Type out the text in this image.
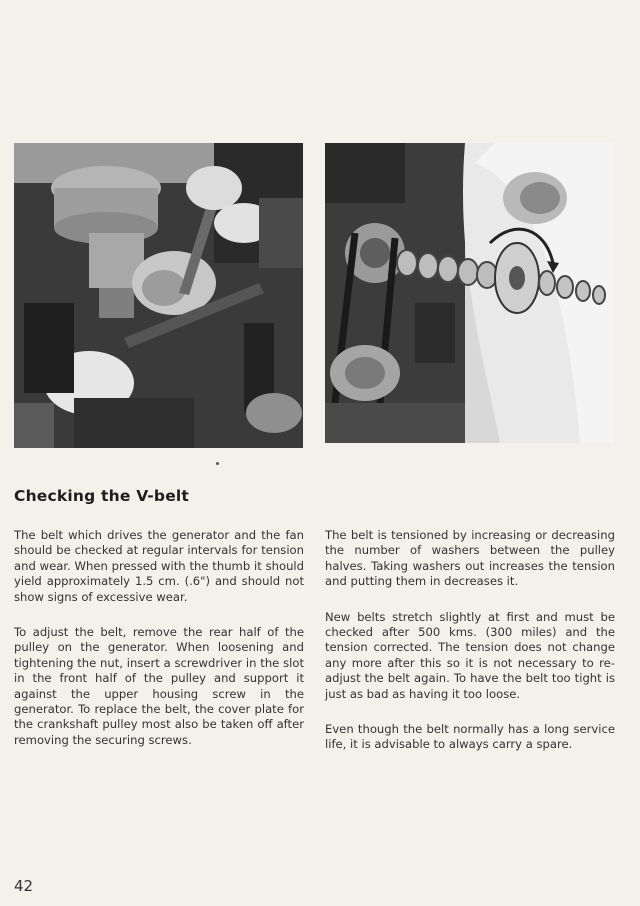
Checking the V-belt

The belt which drives the generator and the fan should be checked at regular intervals for tension and wear. When pressed with the thumb it should yield approximately 1.5 cm. (.6") and should not show signs of excessive wear.

To adjust the belt, remove the rear half of the pulley on the generator. When loosening and tightening the nut, insert a screwdriver in the slot in the front half of the pulley and support it against the upper housing screw in the generator. To replace the belt, the cover plate for the crankshaft pulley most also be taken off after removing the securing screws.

The belt is tensioned by increasing or decreasing the number of washers between the pulley halves. Taking washers out increases the tension and putting them in decreases it.

New belts stretch slightly at first and must be checked after 500 kms. (300 miles) and the tension corrected. The tension does not change any more after this so it is not necessary to re-adjust the belt again. To have the belt too tight is just as bad as having it too loose.

Even though the belt normally has a long service life, it is advisable to always carry a spare.

42
